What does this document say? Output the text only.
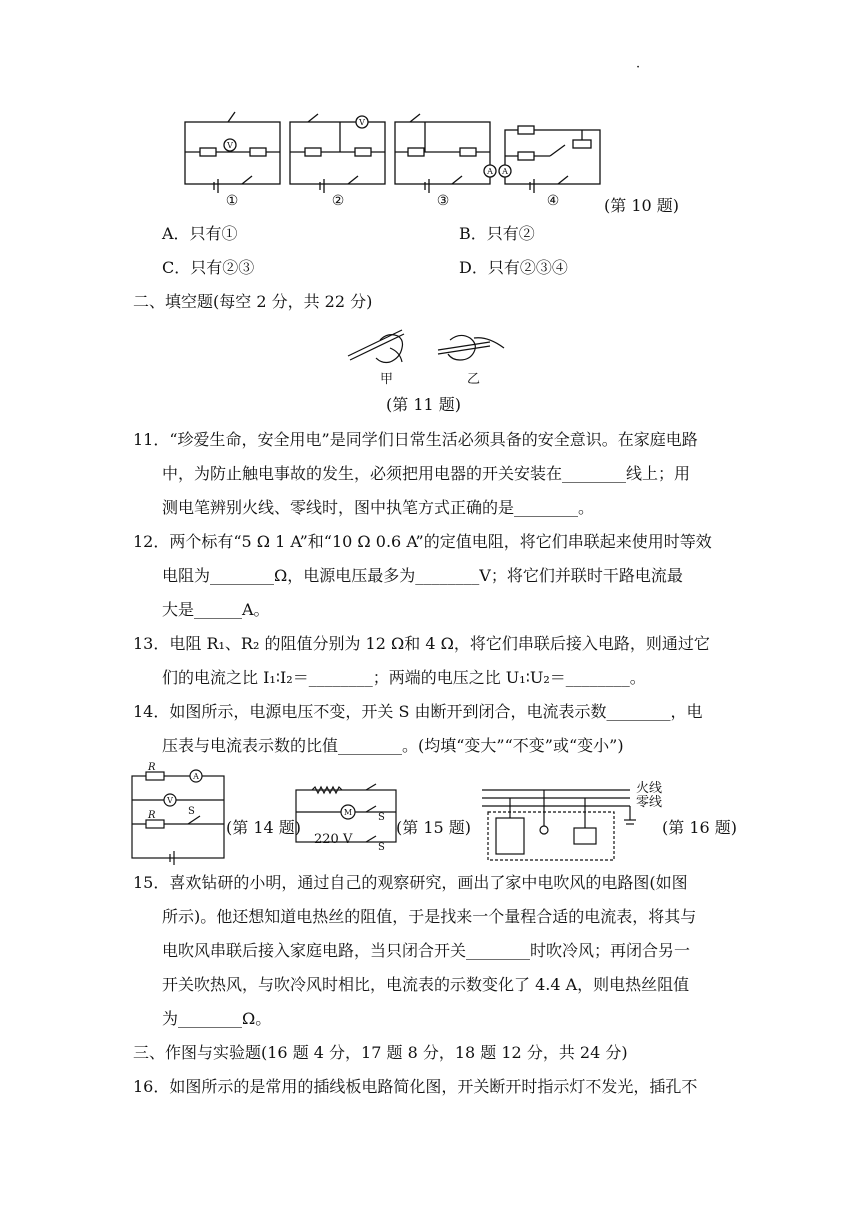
·
V
V
A A
①	②	③	④	(第 10 题)
A．只有①	B．只有②
C．只有②③	D．只有②③④
二、填空题(每空 2 分，共 22 分)
甲	乙
(第 11 题)
11．“珍爱生命，安全用电”是同学们日常生活必须具备的安全意识。在家庭电路
中，为防止触电事故的发生，必须把用电器的开关安装在________线上；用
测电笔辨别火线、零线时，图中执笔方式正确的是________。
12．两个标有“5 Ω 1 A”和“10 Ω 0.6 A”的定值电阻，将它们串联起来使用时等效
电阻为________Ω，电源电压最多为________V；将它们并联时干路电流最
大是______A。
13．电阻 R₁、R₂ 的阻值分别为 12 Ω和 4 Ω，将它们串联后接入电路，则通过它
们的电流之比 I₁∶I₂＝________；两端的电压之比 U₁∶U₂＝________。
14．如图所示，电源电压不变，开关 S 由断开到闭合，电流表示数________，电
压表与电流表示数的比值________。(均填“变大”“不变”或“变小”)
A
V
R
R	S
(第 14 题)
M	S
S
220 V
(第 15 题)
火线
零线
(第 16 题)
15．喜欢钻研的小明，通过自己的观察研究，画出了家中电吹风的电路图(如图
所示)。他还想知道电热丝的阻值，于是找来一个量程合适的电流表，将其与
电吹风串联后接入家庭电路，当只闭合开关________时吹冷风；再闭合另一
开关吹热风，与吹冷风时相比，电流表的示数变化了 4.4 A，则电热丝阻值
为________Ω。
三、作图与实验题(16 题 4 分，17 题 8 分，18 题 12 分，共 24 分)
16．如图所示的是常用的插线板电路简化图，开关断开时指示灯不发光，插孔不
